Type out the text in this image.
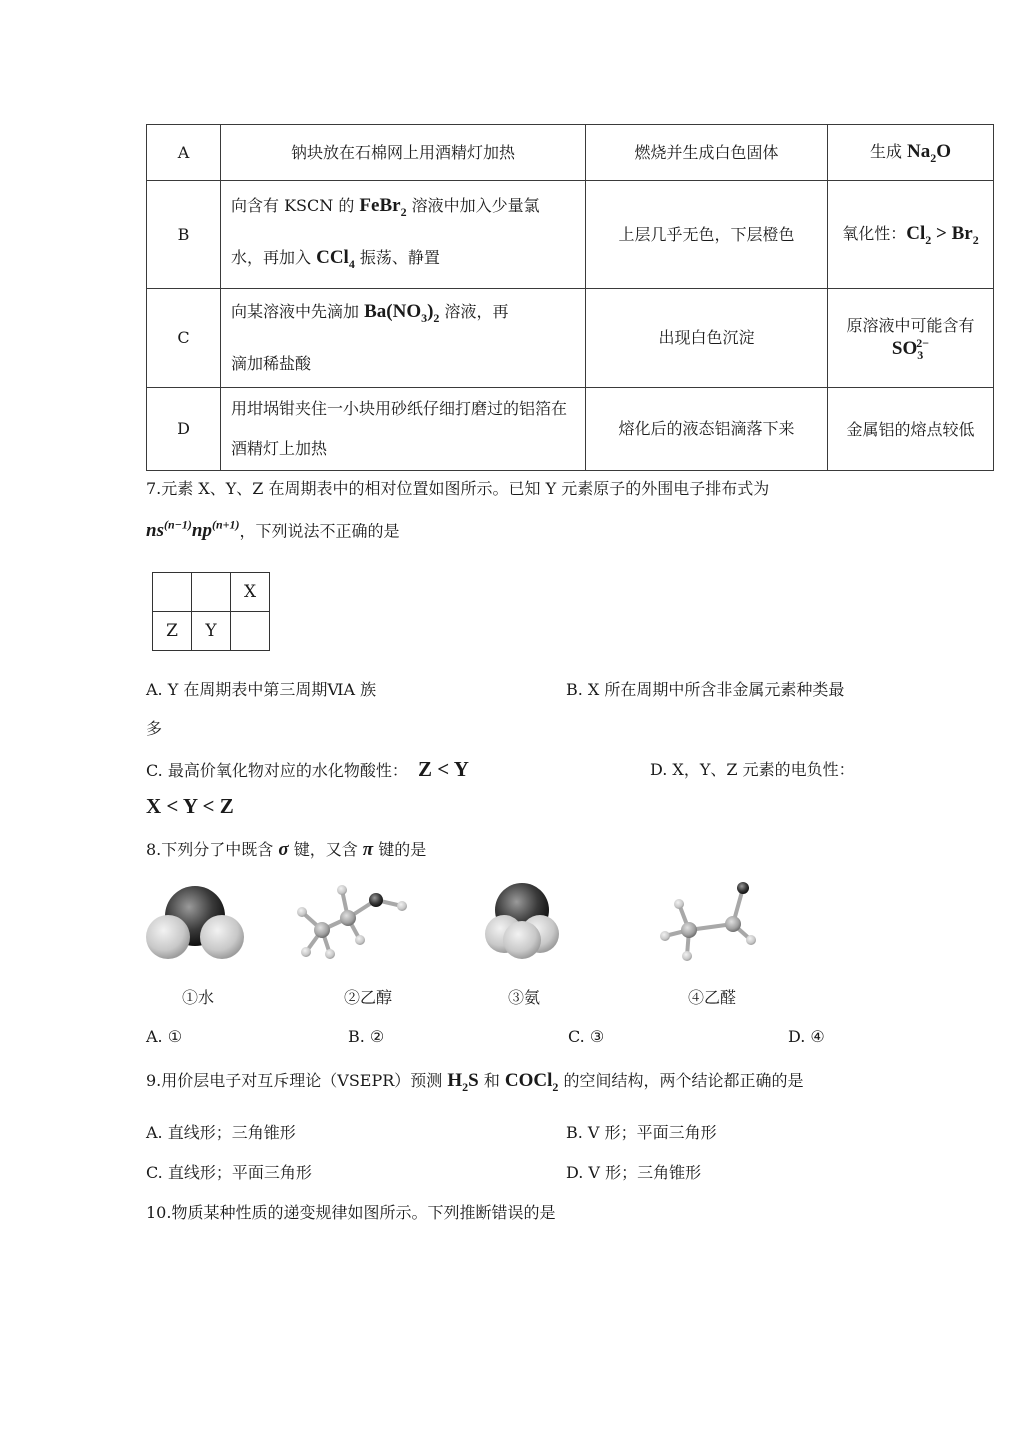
A	钠块放在石棉网上用酒精灯加热	燃烧并生成白色固体	生成 $Na_2O$
B	向含有 KSCN 的 FeBr$_2$ 溶液中加入少量氯
水，再加入 CCl$_4$ 振荡、静置	上层几乎无色，下层橙色	氧化性：$Cl_2 > Br_2$
C	向某溶液中先滴加 $Ba(NO_3)_2$ 溶液，再
滴加稀盐酸	出现白色沉淀	原溶液中可能含有 $SO_3^{2-}$
D	用坩埚钳夹住一小块用砂纸仔细打磨过的铝箔在酒精灯上加热	熔化后的液态铝滴落下来	金属铝的熔点较低
7.元素 X、Y、Z 在周期表中的相对位置如图所示。已知 Y 元素原子的外围电子排布式为
$ns^{(n-1)}np^{(n+1)}$，下列说法不正确的是
		X
Z	Y	
A. Y 在周期表中第三周期ⅥA 族	B. X 所在周期中所含非金属元素种类最
多
C. 最高价氧化物对应的水化物酸性： Z < Y	D. X，Y、Z 元素的电负性：
X < Y < Z
8.下列分了中既含 σ 键，又含 π 键的是
①水	②乙醇	③氨	④乙醛
A. ①	B. ②	C. ③	D. ④
9.用价层电子对互斥理论（VSEPR）预测 $H_2S$ 和 COCl$_2$ 的空间结构，两个结论都正确的是
A. 直线形；三角锥形	B. V 形；平面三角形
C. 直线形；平面三角形	D. V 形；三角锥形
10.物质某种性质的递变规律如图所示。下列推断错误的是
